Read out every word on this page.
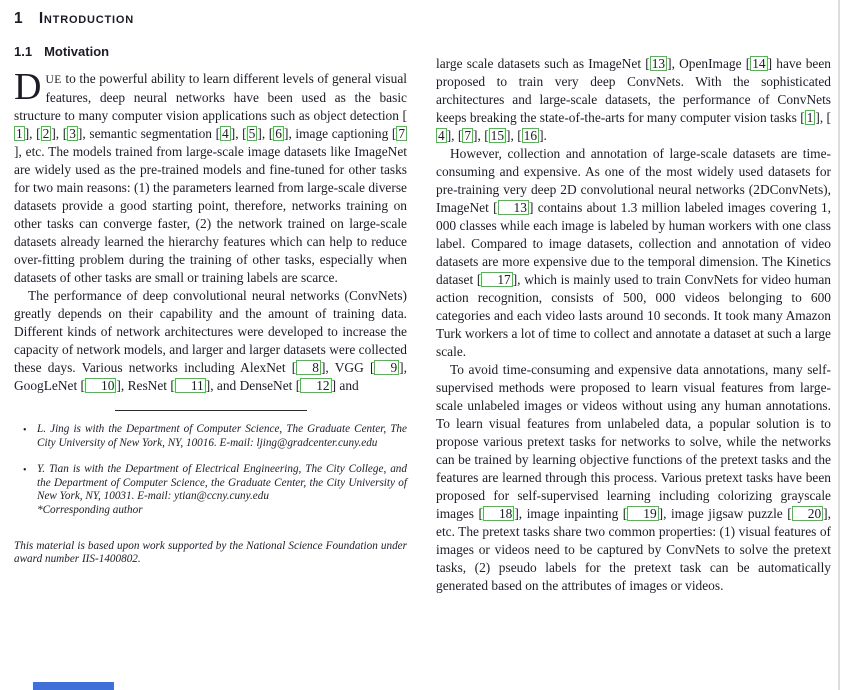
1 Introduction
1.1 Motivation

DUE to the powerful ability to learn different levels of general visual features, deep neural networks have been used as the basic structure to many computer vision applications such as object detection [1 ], [ 2 ], [ 3 ], semantic segmentation [ 4 ], [ 5 ], [ 6 ], image captioning [ 7], etc. The models trained from large-scale image datasets like ImageNet are widely used as the pre-trained models and fine-tuned for other tasks for two main reasons: (1) the parameters learned from large-scale diverse datasets provide a good starting point, therefore, networks training on other tasks can converge faster, (2) the network trained on large-scale datasets already learned the hierarchy features which can help to reduce over-fitting problem during the training of other tasks, especially when datasets of other tasks are small or training labels are scarce.

The performance of deep convolutional neural networks (ConvNets) greatly depends on their capability and the amount of training data. Different kinds of network architectures were developed to increase the capacity of network models, and larger and larger datasets were collected these days. Various networks including AlexNet [ 8 ], VGG [ 9 ], GoogLeNet [ 10 ], ResNet [ 11 ], and DenseNet [ 12 ] and

• L. Jing is with the Department of Computer Science, The Graduate Center, The City University of New York, NY, 10016. E-mail: ljing@gradcenter.cuny.edu
• Y. Tian is with the Department of Electrical Engineering, The City College, and the Department of Computer Science, the Graduate Center, the City University of New York, NY, 10031. E-mail: ytian@ccny.cuny.edu
*Corresponding author

This material is based upon work supported by the National Science Foundation under award number IIS-1400802.

large scale datasets such as ImageNet [ 13 ], OpenImage [ 14 ] have been proposed to train very deep ConvNets. With the sophisticated architectures and large-scale datasets, the performance of ConvNets keeps breaking the state-of-the-arts for many computer vision tasks [ 1 ], [4 ], [ 7 ], [ 15 ], [ 16 ].

However, collection and annotation of large-scale datasets are time-consuming and expensive. As one of the most widely used datasets for pre-training very deep 2D convolutional neural networks (2DConvNets), ImageNet [ 13 ] contains about 1.3 million labeled images covering 1, 000 classes while each image is labeled by human workers with one class label. Compared to image datasets, collection and annotation of video datasets are more expensive due to the temporal dimension. The Kinetics dataset [ 17 ], which is mainly used to train ConvNets for video human action recognition, consists of 500, 000 videos belonging to 600 categories and each video lasts around 10 seconds. It took many Amazon Turk workers a lot of time to collect and annotate a dataset at such a large scale.

To avoid time-consuming and expensive data annotations, many self-supervised methods were proposed to learn visual features from large-scale unlabeled images or videos without using any human annotations. To learn visual features from unlabeled data, a popular solution is to propose various pretext tasks for networks to solve, while the networks can be trained by learning objective functions of the pretext tasks and the features are learned through this process. Various pretext tasks have been proposed for self-supervised learning including colorizing grayscale images [ 18 ], image inpainting [ 19 ], image jigsaw puzzle [ 20 ], etc. The pretext tasks share two common properties: (1) visual features of images or videos need to be captured by ConvNets to solve the pretext tasks, (2) pseudo labels for the pretext task can be automatically generated based on the attributes of images or videos.
